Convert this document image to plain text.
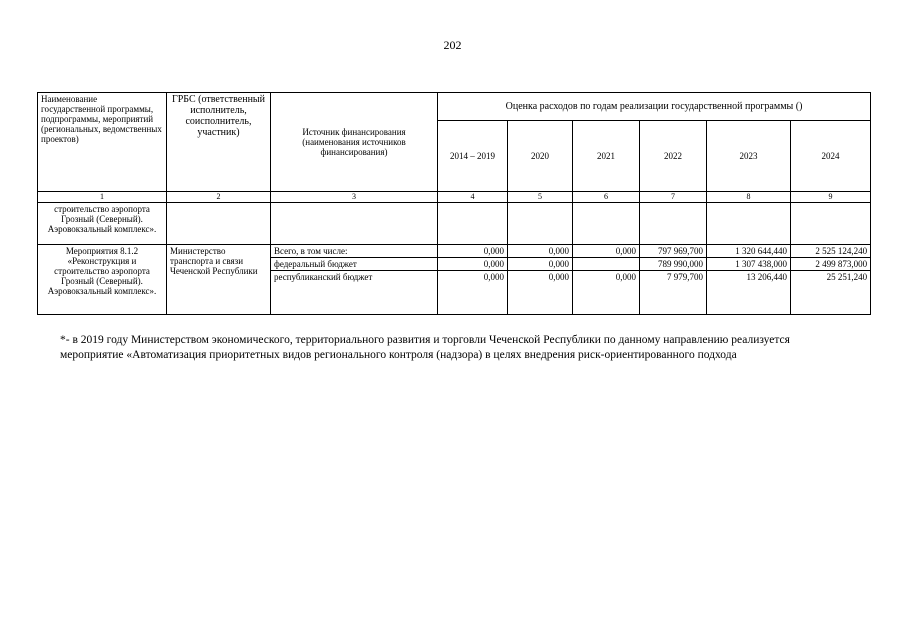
202
Наименование государственной программы, подпрограммы, мероприятий (региональных, ведомственных проектов)	ГРБС (ответственный исполнитель, соисполнитель, участник)	Источник финансирования (наименования источников финансирования)	Оценка расходов по годам реализации государственной программы ()					
			2014 – 2019	2020	2021	2022	2023	2024
1	2	3	4	5	6	7	8	9
строительство аэропорта Грозный (Северный). Аэровокзальный комплекс».								
Мероприятия 8.1.2 «Реконструкция и строительство аэропорта Грозный (Северный). Аэровокзальный комплекс».	Министерство транспорта и связи Чеченской Республики	Всего, в том числе:	0,000	0,000	0,000	797 969,700	1 320 644,440	2 525 124,240
		федеральный бюджет	0,000	0,000		789 990,000	1 307 438,000	2 499 873,000
		республиканский бюджет	0,000	0,000	0,000	7 979,700	13 206,440	25 251,240
*- в 2019 году Министерством экономического, территориального развития и торговли Чеченской Республики по данному направлению реализуется мероприятие «Автоматизация приоритетных видов регионального контроля (надзора) в целях внедрения риск-ориентированного подхода
